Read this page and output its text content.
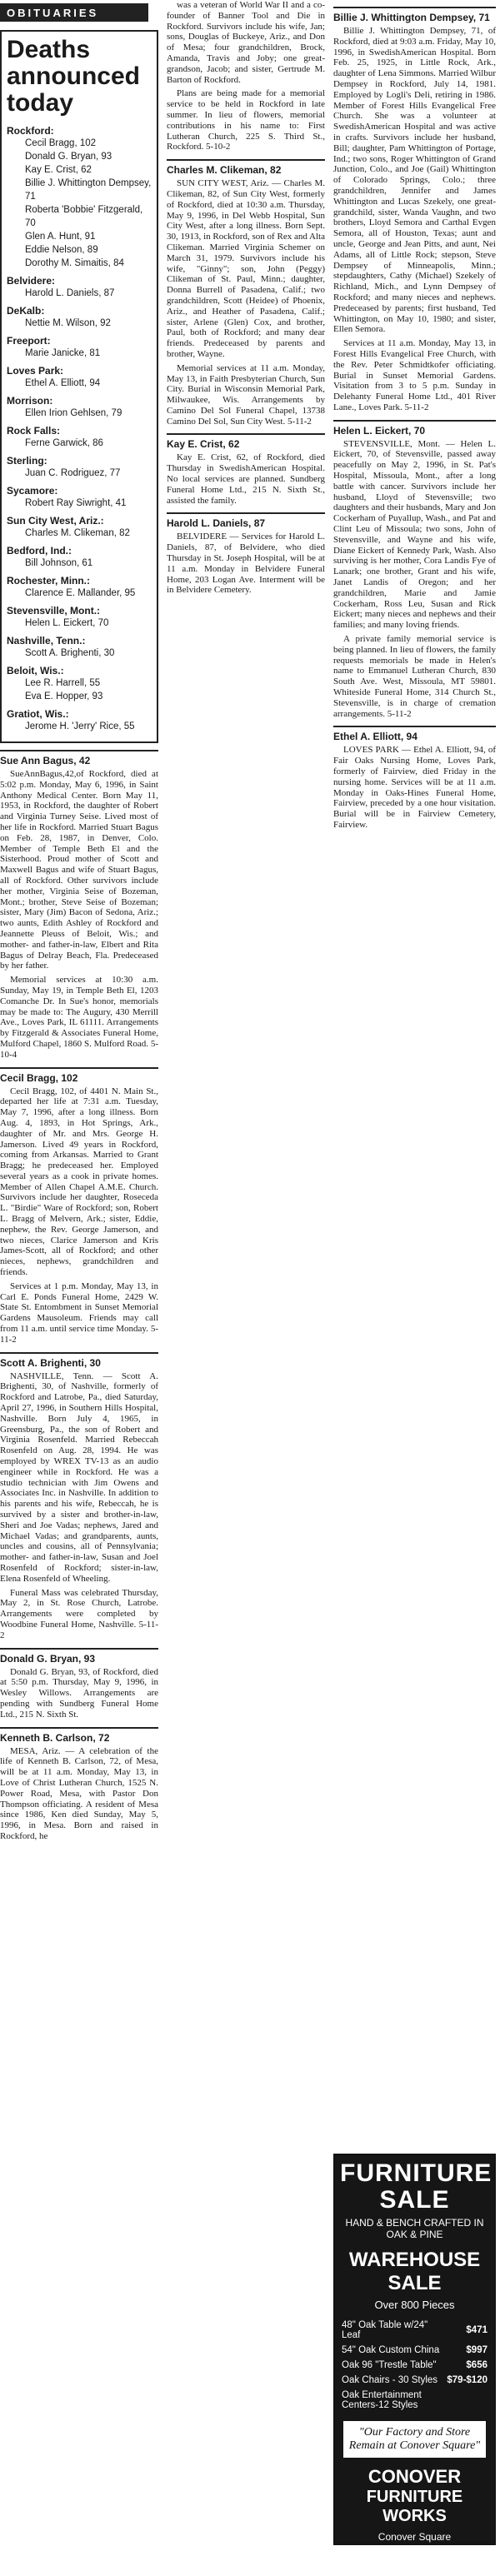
OBITUARIES
Deaths announced today
Rockford:
Cecil Bragg, 102
Donald G. Bryan, 93
Kay E. Crist, 62
Billie J. Whittington Dempsey, 71
Roberta 'Bobbie' Fitzgerald, 70
Glen A. Hunt, 91
Eddie Nelson, 89
Dorothy M. Simaitis, 84
Belvidere:
Harold L. Daniels, 87
DeKalb:
Nettie M. Wilson, 92
Freeport:
Marie Janicke, 81
Loves Park:
Ethel A. Elliott, 94
Morrison:
Ellen Irion Gehlsen, 79
Rock Falls:
Ferne Garwick, 86
Sterling:
Juan C. Rodriguez, 77
Sycamore:
Robert Ray Siwright, 41
Sun City West, Ariz.:
Charles M. Clikeman, 82
Bedford, Ind.:
Bill Johnson, 61
Rochester, Minn.:
Clarence E. Mallander, 95
Stevensville, Mont.:
Helen L. Eickert, 70
Nashville, Tenn.:
Scott A. Brighenti, 30
Beloit, Wis.:
Lee R. Harrell, 55
Eva E. Hopper, 93
Gratiot, Wis.:
Jerome H. 'Jerry' Rice, 55
Sue Ann Bagus, 42

SueAnnBagus,42,of Rockford, died at 5:02 p.m. Monday, May 6, 1996, in Saint Anthony Medical Center. Born May 11, 1953, in Rockford, the daughter of Robert and Virginia Turney Seise. Lived most of her life in Rockford. Married Stuart Bagus on Feb. 28, 1987, in Denver, Colo. Member of Temple Beth El and the Sisterhood. Proud mother of Scott and Maxwell Bagus and wife of Stuart Bagus, all of Rockford. Other survivors include her mother, Virginia Seise of Bozeman, Mont.; brother, Steve Seise of Bozeman; sister, Mary (Jim) Bacon of Sedona, Ariz.; two aunts, Edith Ashley of Rockford and Jeannette Pleuss of Beloit, Wis.; and mother- and father-in-law, Elbert and Rita Bagus of Delray Beach, Fla. Predeceased by her father.

Memorial services at 10:30 a.m. Sunday, May 19, in Temple Beth El, 1203 Comanche Dr. In Sue's honor, memorials may be made to: The Augury, 430 Merrill Ave., Loves Park, IL 61111. Arrangements by Fitzgerald & Associates Funeral Home, Mulford Chapel, 1860 S. Mulford Road. 5-10-4

Cecil Bragg, 102

Cecil Bragg, 102, of 4401 N. Main St., departed her life at 7:31 a.m. Tuesday, May 7, 1996, after a long illness. Born Aug. 4, 1893, in Hot Springs, Ark., daughter of Mr. and Mrs. George H. Jamerson. Lived 49 years in Rockford, coming from Arkansas. Married to Grant Bragg; he predeceased her. Employed several years as a cook in private homes. Member of Allen Chapel A.M.E. Church. Survivors include her daughter, Roseceda L. "Birdie" Ware of Rockford; son, Robert L. Bragg of Melvern, Ark.; sister, Eddie, nephew, the Rev. George Jamerson, and two nieces, Clarice Jamerson and Kris James-Scott, all of Rockford; and other nieces, nephews, grandchildren and friends.

Services at 1 p.m. Monday, May 13, in Carl E. Ponds Funeral Home, 2429 W. State St. Entombment in Sunset Memorial Gardens Mausoleum. Friends may call from 11 a.m. until service time Monday. 5-11-2

Scott A. Brighenti, 30

NASHVILLE, Tenn. — Scott A. Brighenti, 30, of Nashville, formerly of Rockford and Latrobe, Pa., died Saturday, April 27, 1996, in Southern Hills Hospital, Nashville. Born July 4, 1965, in Greensburg, Pa., the son of Robert and Virginia Rosenfeld. Married Rebeccah Rosenfeld on Aug. 28, 1994. He was employed by WREX TV-13 as an audio engineer while in Rockford. He was a studio technician with Jim Owens and Associates Inc. in Nashville. In addition to his parents and his wife, Rebeccah, he is survived by a sister and brother-in-law, Sheri and Joe Vadas; nephews, Jared and Michael Vadas; and grandparents, aunts, uncles and cousins, all of Pennsylvania; mother- and father-in-law, Susan and Joel Rosenfeld of Rockford; sister-in-law, Elena Rosenfeld of Wheeling.

Funeral Mass was celebrated Thursday, May 2, in St. Rose Church, Latrobe. Arrangements were completed by Woodbine Funeral Home, Nashville. 5-11-2

Donald G. Bryan, 93

Donald G. Bryan, 93, of Rockford, died at 5:50 p.m. Thursday, May 9, 1996, in Wesley Willows. Arrangements are pending with Sundberg Funeral Home Ltd., 215 N. Sixth St.

Kenneth B. Carlson, 72

MESA, Ariz. — A celebration of the life of Kenneth B. Carlson, 72, of Mesa, will be at 11 a.m. Monday, May 13, in Love of Christ Lutheran Church, 1525 N. Power Road, Mesa, with Pastor Don Thompson officiating. A resident of Mesa since 1986, Ken died Sunday, May 5, 1996, in Mesa. Born and raised in Rockford, he

was a veteran of World War II and a co-founder of Banner Tool and Die in Rockford. Survivors include his wife, Jan; sons, Douglas of Buckeye, Ariz., and Don of Mesa; four grandchildren, Brock, Amanda, Travis and Joby; one great-grandson, Jacob; and sister, Gertrude M. Barton of Rockford.

Plans are being made for a memorial service to be held in Rockford in late summer. In lieu of flowers, memorial contributions in his name to: First Lutheran Church, 225 S. Third St., Rockford. 5-10-2

Charles M. Clikeman, 82

SUN CITY WEST, Ariz. — Charles M. Clikeman, 82, of Sun City West, formerly of Rockford, died at 10:30 a.m. Thursday, May 9, 1996, in Del Webb Hospital, Sun City West, after a long illness. Born Sept. 30, 1913, in Rockford, son of Rex and Alta Clikeman. Married Virginia Schemer on March 31, 1979. Survivors include his wife, "Ginny"; son, John (Peggy) Clikeman of St. Paul, Minn.; daughter, Donna Burrell of Pasadena, Calif.; two grandchildren, Scott (Heidee) of Phoenix, Ariz., and Heather of Pasadena, Calif.; sister, Arlene (Glen) Cox, and brother, Paul, both of Rockford; and many dear friends. Predeceased by parents and brother, Wayne.

Memorial services at 11 a.m. Monday, May 13, in Faith Presbyterian Church, Sun City. Burial in Wisconsin Memorial Park, Milwaukee, Wis. Arrangements by Camino Del Sol Funeral Chapel, 13738 Camino Del Sol, Sun City West. 5-11-2

Kay E. Crist, 62

Kay E. Crist, 62, of Rockford, died Thursday in SwedishAmerican Hospital. No local services are planned. Sundberg Funeral Home Ltd., 215 N. Sixth St., assisted the family.

Harold L. Daniels, 87

BELVIDERE — Services for Harold L. Daniels, 87, of Belvidere, who died Thursday in St. Joseph Hospital, will be at 11 a.m. Monday in Belvidere Funeral Home, 203 Logan Ave. Interment will be in Belvidere Cemetery.

Billie J. Whittington Dempsey, 71

Billie J. Whittington Dempsey, 71, of Rockford, died at 9:03 a.m. Friday, May 10, 1996, in SwedishAmerican Hospital. Born Feb. 25, 1925, in Little Rock, Ark., daughter of Lena Simmons. Married Wilbur Dempsey in Rockford, July 14, 1981. Employed by Logli's Deli, retiring in 1986. Member of Forest Hills Evangelical Free Church. She was a volunteer at SwedishAmerican Hospital and was active in crafts. Survivors include her husband, Bill; daughter, Pam Whittington of Portage, Ind.; two sons, Roger Whittington of Grand Junction, Colo., and Joe (Gail) Whittington of Colorado Springs, Colo.; three grandchildren, Jennifer and James Whittington and Lucas Szekely, one great-grandchild, sister, Wanda Vaughn, and two brothers, Lloyd Semora and Carthal Evgen Semora, all of Houston, Texas; aunt and uncle, George and Jean Pitts, and aunt, Nei Adams, all of Little Rock; stepson, Steve Dempsey of Minneapolis, Minn.; stepdaughters, Cathy (Michael) Szekely of Richland, Mich., and Lynn Dempsey of Rockford; and many nieces and nephews. Predeceased by parents; first husband, Ted Whittington, on May 10, 1980; and sister, Ellen Semora.

Services at 11 a.m. Monday, May 13, in Forest Hills Evangelical Free Church, with the Rev. Peter Schmidtkofer officiating. Burial in Sunset Memorial Gardens. Visitation from 3 to 5 p.m. Sunday in Delehanty Funeral Home Ltd., 401 River Lane., Loves Park. 5-11-2

Helen L. Eickert, 70

STEVENSVILLE, Mont. — Helen L. Eickert, 70, of Stevensville, passed away peacefully on May 2, 1996, in St. Pat's Hospital, Missoula, Mont., after a long battle with cancer. Survivors include her husband, Lloyd of Stevensville; two daughters and their husbands, Mary and Jon Cockerham of Puyallup, Wash., and Pat and Clint Leu of Missoula; two sons, John of Stevensville, and Wayne and his wife, Diane Eickert of Kennedy Park, Wash. Also surviving is her mother, Cora Landis Fye of Lanark; one brother, Grant and his wife, Janet Landis of Oregon; and her grandchildren, Marie and Jamie Cockerham, Ross Leu, Susan and Rick Eickert; many nieces and nephews and their families; and many loving friends.

A private family memorial service is being planned. In lieu of flowers, the family requests memorials be made in Helen's name to Emmanuel Lutheran Church, 830 South Ave. West, Missoula, MT 59801. Whiteside Funeral Home, 314 Church St., Stevensville, is in charge of cremation arrangements. 5-11-2

Ethel A. Elliott, 94

LOVES PARK — Ethel A. Elliott, 94, of Fair Oaks Nursing Home, Loves Park, formerly of Fairview, died Friday in the nursing home. Services will be at 11 a.m. Monday in Oaks-Hines Funeral Home, Fairview, preceded by a one hour visitation. Burial will be in Fairview Cemetery, Fairview.

FURNITURE SALE
HAND & BENCH CRAFTED IN OAK & PINE
WAREHOUSE SALE
Over 800 Pieces
48" Oak Table w/24" Leaf	$471
54" Oak Custom China	$997
Oak 96 "Trestle Table"	$656
Oak Chairs - 30 Styles	$79-$120
Oak Entertainment Centers-12 Styles	
"Our Factory and Store Remain at Conover Square"
CONOVER
FURNITURE WORKS
Conover Square
Oregon, IL Ph. 732-2513
OPEN 7 Days a Week
